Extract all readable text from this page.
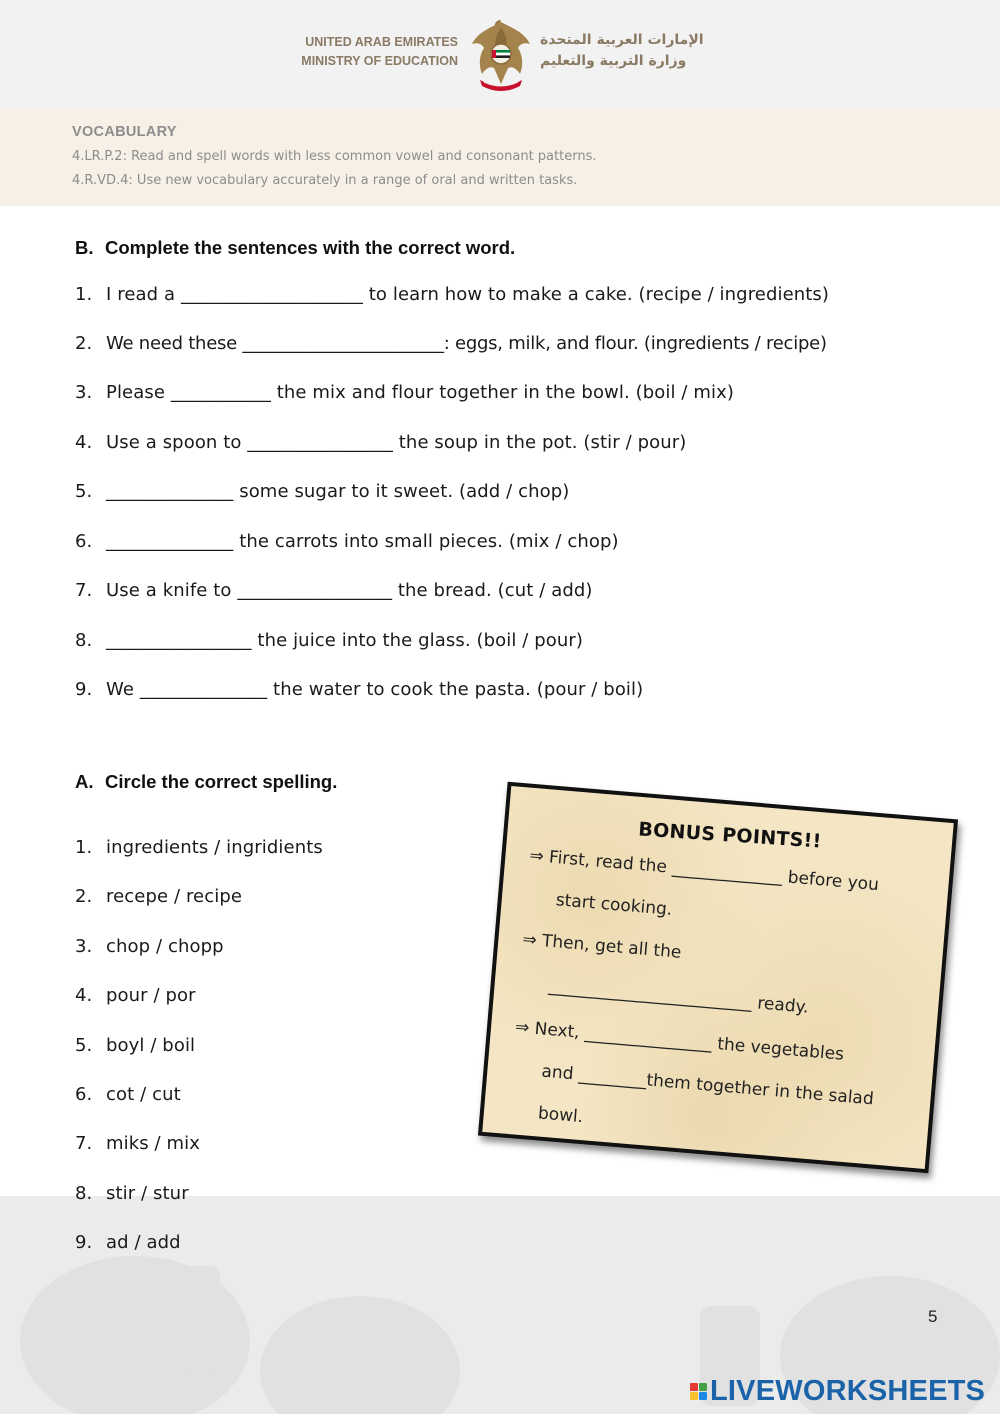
UNITED ARAB EMIRATES
MINISTRY OF EDUCATION
الإمارات العربية المتحدة
وزارة التربية والتعليم
VOCABULARY
4.LR.P.2: Read and spell words with less common vowel and consonant patterns.
4.R.VD.4: Use new vocabulary accurately in a range of oral and written tasks.
B. Complete the sentences with the correct word.
1. I read a ____________________ to learn how to make a cake. (recipe / ingredients)
2. We need these _______________________: eggs, milk, and flour. (ingredients / recipe)
3. Please ___________ the mix and flour together in the bowl. (boil / mix)
4. Use a spoon to ________________ the soup in the pot. (stir / pour)
5. ______________ some sugar to it sweet. (add / chop)
6. ______________ the carrots into small pieces. (mix / chop)
7. Use a knife to _________________ the bread. (cut / add)
8. ________________ the juice into the glass. (boil / pour)
9. We ______________ the water to cook the pasta. (pour / boil)
A. Circle the correct spelling.
1. ingredients / ingridients
2. recepe / recipe
3. chop / chopp
4. pour / por
5. boyl / boil
6. cot / cut
7. miks / mix
8. stir / stur
9. ad / add
BONUS POINTS!!
⇒ First, read the _____________ before you
start cooking.
⇒ Then, get all the
________________________ ready.
⇒ Next, _______________ the vegetables
and ________them together in the salad
bowl.
5
LIVEWORKSHEETS
